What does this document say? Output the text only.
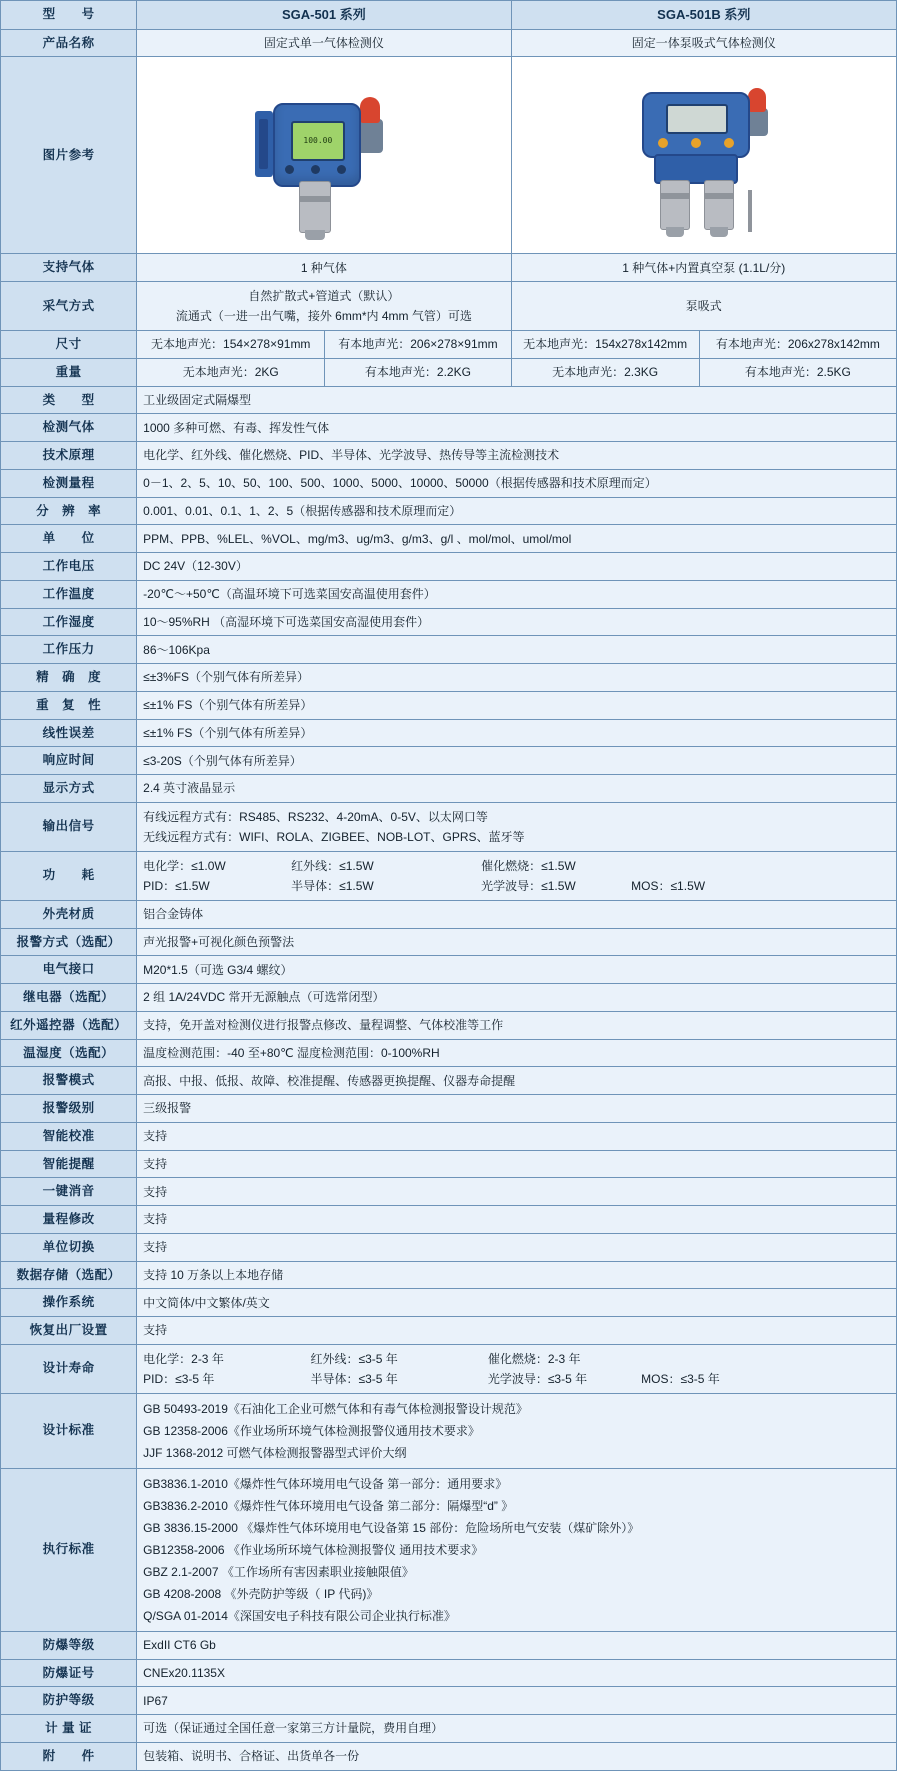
型　　号	SGA-501 系列		SGA-501B 系列	
产品名称	固定式单一气体检测仪		固定一体泵吸式气体检测仪	
图片参考	100.00			

支持气体	1 种气体		1 种气体+内置真空泵 (1.1L/分)	
采气方式	自然扩散式+管道式（默认）
流通式（一进一出气嘴，接外 6mm*内 4mm 气管）可选		泵吸式	
尺寸	无本地声光：154×278×91mm	有本地声光：206×278×91mm	无本地声光：154x278x142mm	有本地声光：206x278x142mm
重量	无本地声光：2KG	有本地声光：2.2KG	无本地声光：2.3KG	有本地声光：2.5KG
类　　型	工业级固定式隔爆型			
检测气体	1000 多种可燃、有毒、挥发性气体			
技术原理	电化学、红外线、催化燃烧、PID、半导体、光学波导、热传导等主流检测技术			
检测量程	0－1、2、5、10、50、100、500、1000、5000、10000、50000（根据传感器和技术原理而定）			
分　辨　率	0.001、0.01、0.1、1、2、5（根据传感器和技术原理而定）			
单　　位	PPM、PPB、%LEL、%VOL、mg/m3、ug/m3、g/m3、g/l 、mol/mol、umol/mol			
工作电压	DC 24V（12-30V）			
工作温度	-20℃～+50℃（高温环境下可选菜国安高温使用套件）			
工作湿度	10～95%RH （高湿环境下可选菜国安高湿使用套件）			
工作压力	86～106Kpa			
精　确　度	≤±3%FS（个别气体有所差异）			
重　复　性	≤±1% FS（个别气体有所差异）			
线性误差	≤±1% FS（个别气体有所差异）			
响应时间	≤3-20S（个别气体有所差异）			
显示方式	2.4 英寸液晶显示			
输出信号	有线远程方式有：RS485、RS232、4-20mA、0-5V、以太网口等
无线远程方式有：WIFI、ROLA、ZIGBEE、NOB-LOT、GPRS、蓝牙等			

功　　耗	
电化学：≤1.0W	红外线：≤1.5W	催化燃烧：≤1.5W
PID：≤1.5W	半导体：≤1.5W	光学波导：≤1.5W	MOS：≤1.5W

外壳材质	铝合金铸体			
报警方式（选配）	声光报警+可视化颜色预警法			
电气接口	M20*1.5（可选 G3/4 螺纹）			
继电器（选配）	2 组 1A/24VDC 常开无源触点（可选常闭型）			
红外遥控器（选配）	支持，免开盖对检测仪进行报警点修改、量程调整、气体校准等工作			
温湿度（选配）	温度检测范围：-40 至+80℃ 湿度检测范围：0-100%RH			
报警模式	高报、中报、低报、故障、校准提醒、传感器更换提醒、仪器寿命提醒			
报警级别	三级报警			
智能校准	支持			
智能提醒	支持			
一键消音	支持			
量程修改	支持			
单位切换	支持			
数据存储（选配）	支持 10 万条以上本地存储			
操作系统	中文简体/中文繁体/英文			
恢复出厂设置	支持			
设计寿命	电化学：2-3 年 红外线：≤3-5 年 催化燃烧：2-3 年
PID：≤3-5 年 半导体：≤3-5 年 光学波导：≤3-5 年 MOS：≤3-5 年			

设计标准	GB 50493-2019《石油化工企业可燃气体和有毒气体检测报警设计规范》
GB 12358-2006《作业场所环境气体检测报警仪通用技术要求》
JJF 1368-2012 可燃气体检测报警器型式评价大纲			

执行标准	
GB3836.1-2010《爆炸性气体环境用电气设备 第一部分：通用要求》
GB3836.2-2010《爆炸性气体环境用电气设备 第二部分：隔爆型“d” 》
GB 3836.15-2000 《爆炸性气体环境用电气设备第 15 部份：危险场所电气安装（煤矿除外）》
GB12358-2006 《作业场所环境气体检测报警仪 通用技术要求》
GBZ 2.1-2007 《工作场所有害因素职业接触限值》
GB 4208-2008 《外壳防护等级（ IP 代码)》
Q/SGA 01-2014《深国安电子科技有限公司企业执行标准》

防爆等级	ExdII CT6 Gb			
防爆证号	CNEx20.1135X			
防护等级	IP67			
计 量 证	可选（保证通过全国任意一家第三方计量院，费用自理）			
附　　件	包装箱、说明书、合格证、出货单各一份			
